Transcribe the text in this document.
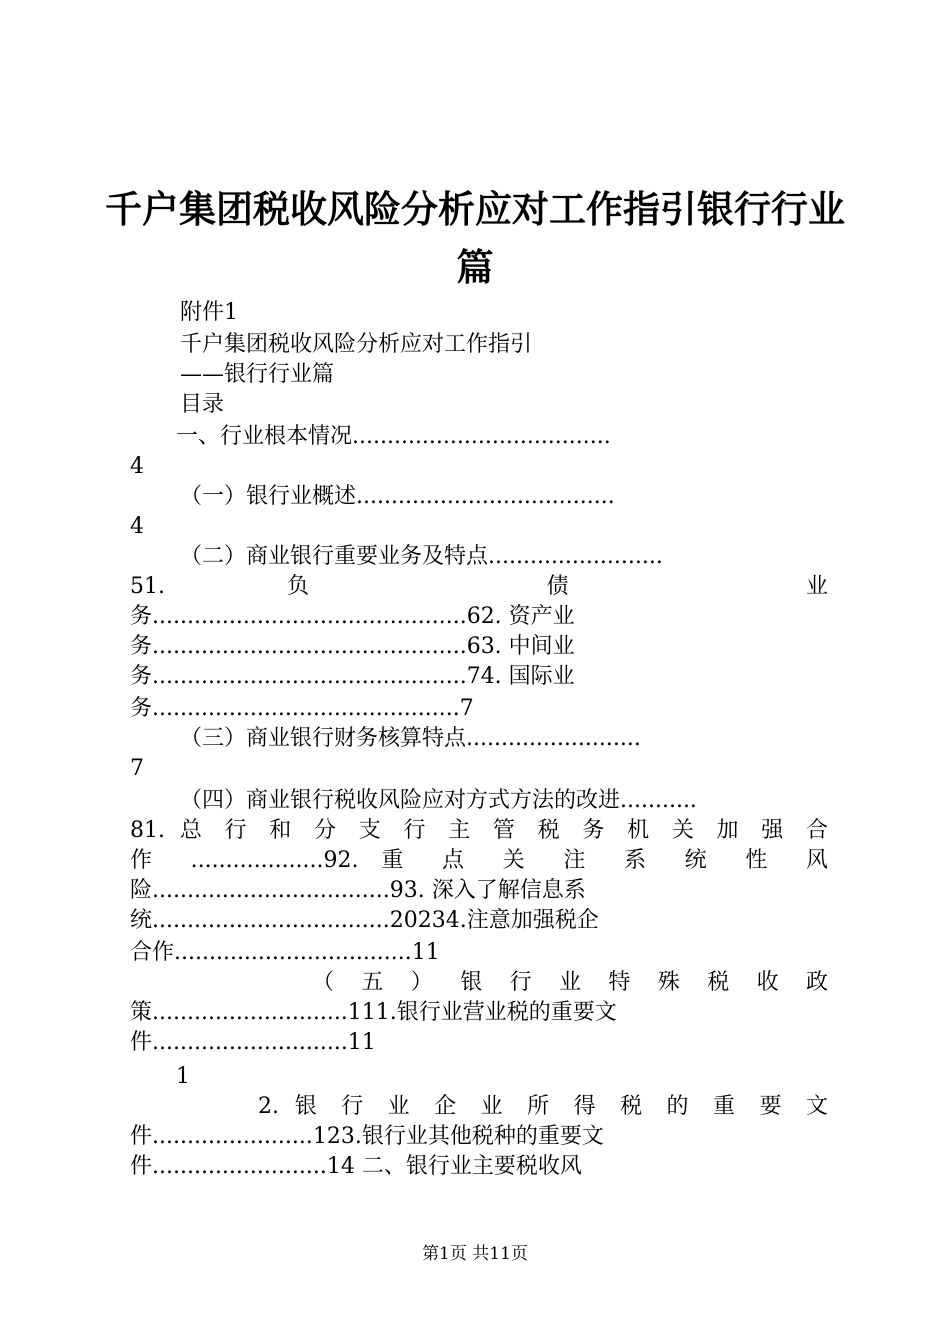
千户集团税收风险分析应对工作指引银行行业
篇
附件1
千户集团税收风险分析应对工作指引
——银行行业篇
目录
一、行业根本情况.....................................
4
（一）银行业概述.....................................
4
（二）商业银行重要业务及特点.........................
51. 负 债 业
务.............................................62. 资产业
务.............................................63. 中间业
务.............................................74. 国际业
务............................................7
（三）商业银行财务核算特点.........................
7
（四）商业银行税收风险应对方式方法的改进...........
81. 总 行 和 分 支 行 主 管 税 务 机 关 加 强 合
作 ...................92. 重 点 关 注 系 统 性 风
险..................................93. 深入了解信息系
统..................................20234.注意加强税企
合作..................................11
（ 五 ） 银 行 业 特 殊 税 收 政
策............................111.银行业营业税的重要文
件............................11
1
2. 银 行 业 企 业 所 得 税 的 重 要 文
件.......................123.银行业其他税种的重要文
件.........................14 二、银行业主要税收风
第1页 共11页
